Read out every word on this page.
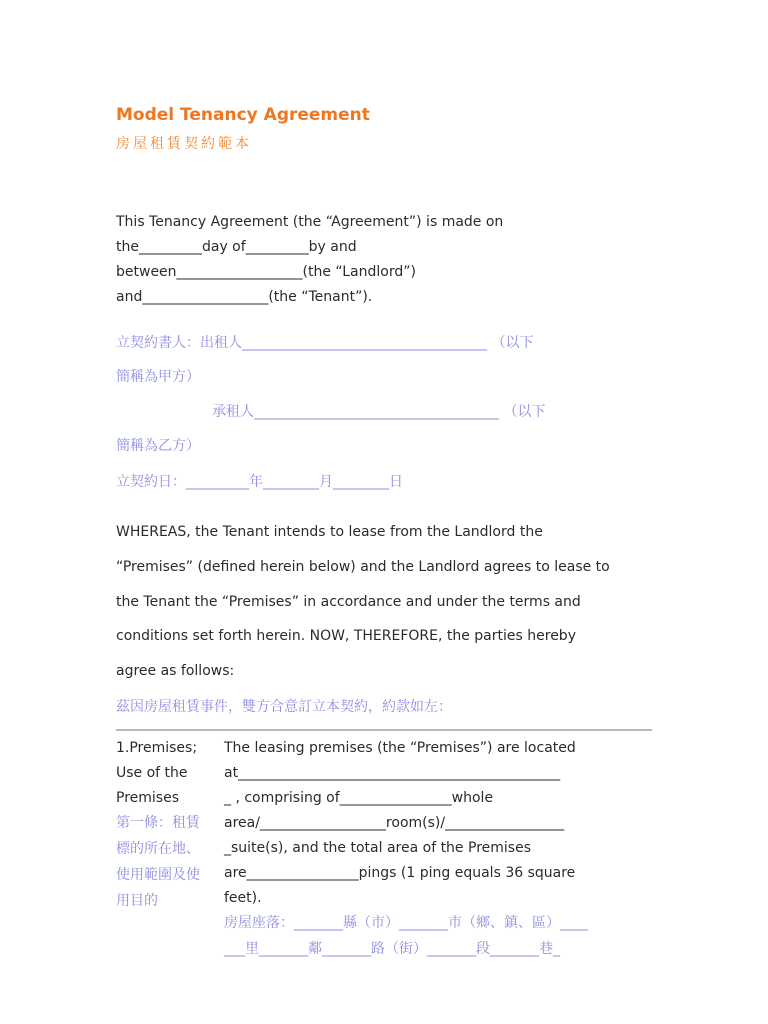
Model Tenancy Agreement
房屋租賃契約範本
This Tenancy Agreement (the “Agreement”) is made on
the_________day of_________by and
between__________________(the “Landlord”)
and__________________(the “Tenant”).
立契約書人：出租人___________________________________ （以下
簡稱為甲方）
承租人___________________________________ （以下
簡稱為乙方）
立契約日：_________年________月________日
WHEREAS, the Tenant intends to lease from the Landlord the
“Premises” (defined herein below) and the Landlord agrees to lease to
the Tenant the “Premises” in accordance and under the terms and
conditions set forth herein. NOW, THEREFORE, the parties hereby
agree as follows:
茲因房屋租賃事件，雙方合意訂立本契約，約款如左：
1.Premises;
Use of the
Premises
第一條：租賃
標的所在地、
使用範圍及使
用目的
The leasing premises (the “Premises”) are located
at______________________________________________
_ , comprising of________________whole
area/__________________room(s)/_________________
_suite(s), and the total area of the Premises
are________________pings (1 ping equals 36 square
feet).
房屋座落：_______縣（市）_______市（鄉、鎮、區）____
___里_______鄰_______路（街）_______段_______巷_
